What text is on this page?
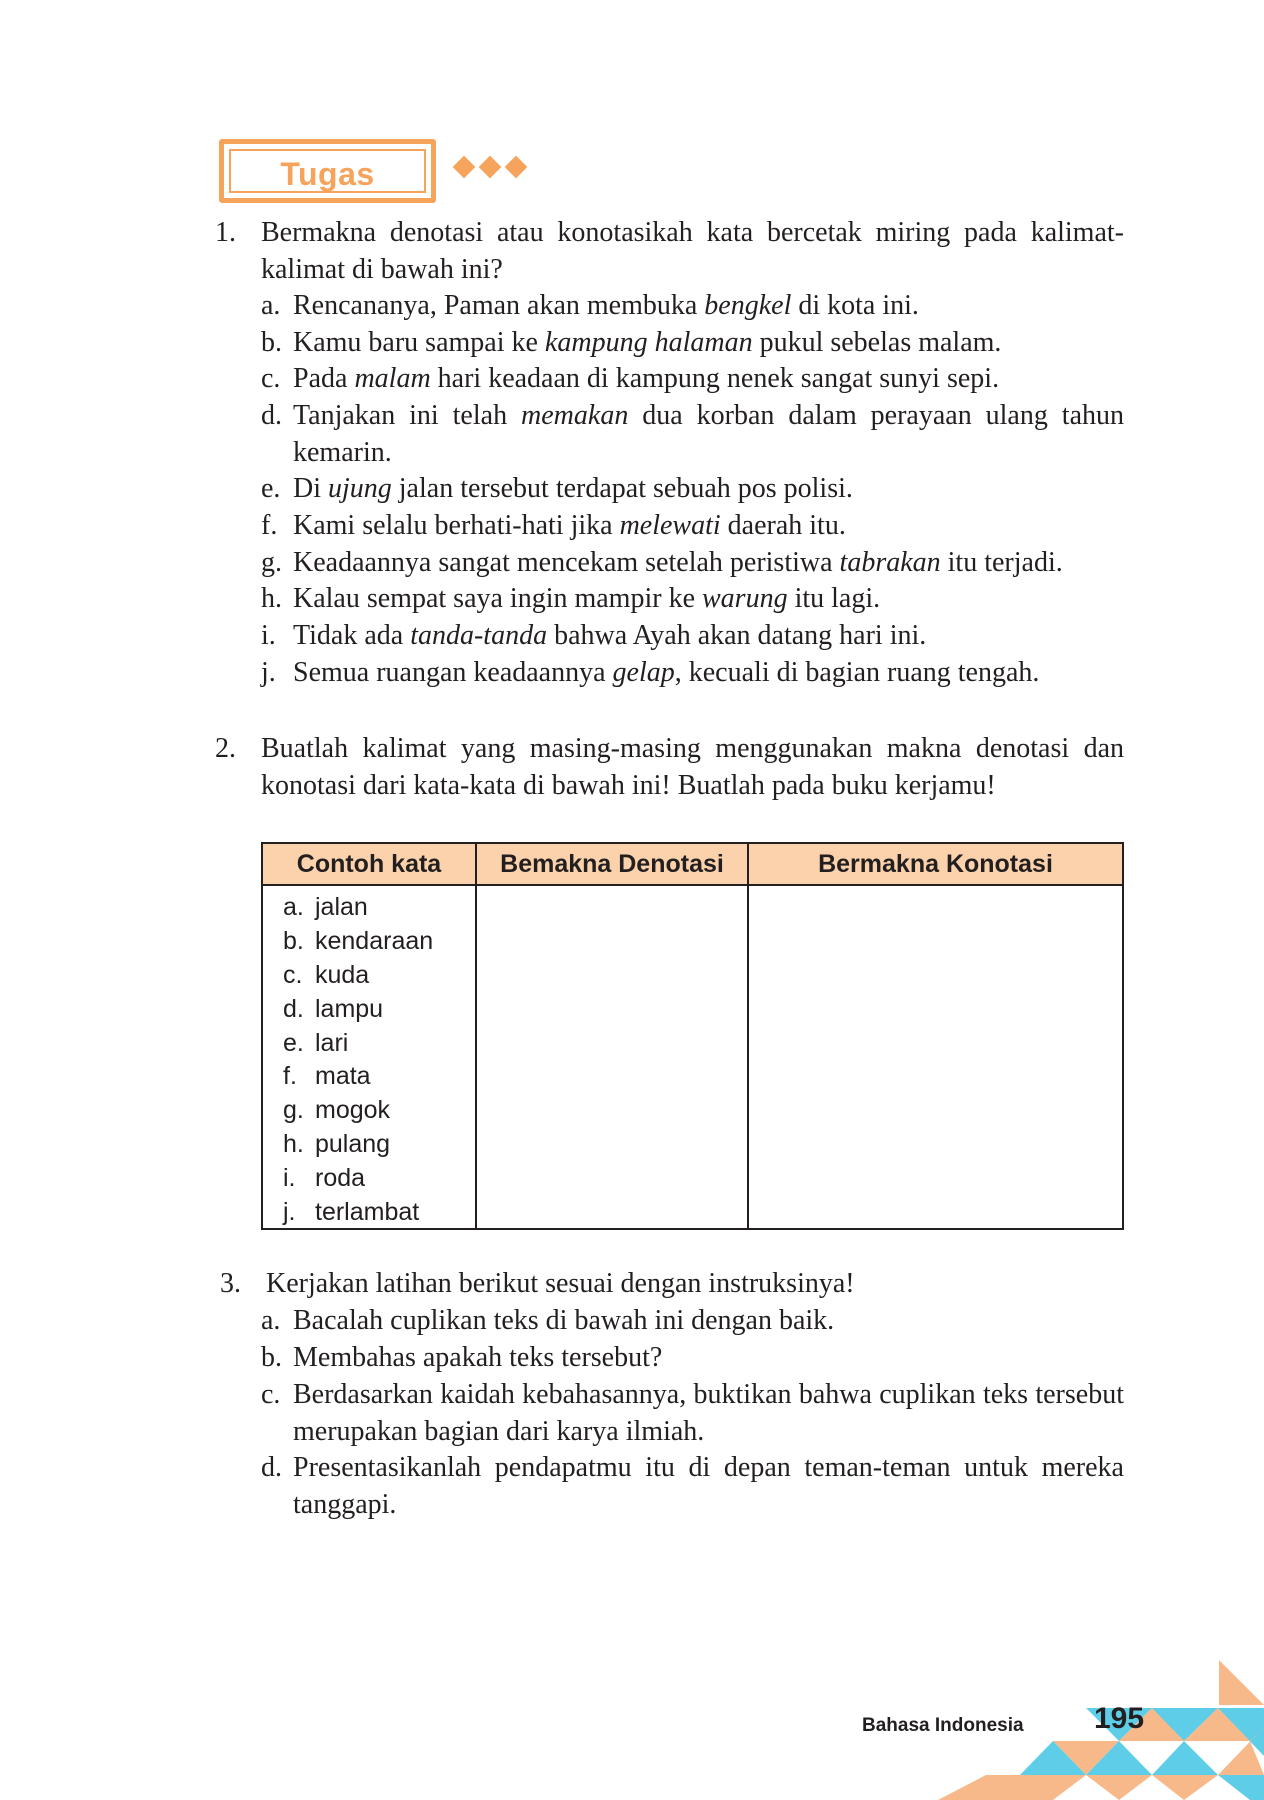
Tugas
1. Bermakna denotasi atau konotasikah kata bercetak miring pada kalimat-kalimat di bawah ini?
a. Rencananya, Paman akan membuka bengkel di kota ini.
b. Kamu baru sampai ke kampung halaman pukul sebelas malam.
c. Pada malam hari keadaan di kampung nenek sangat sunyi sepi.
d. Tanjakan ini telah memakan dua korban dalam perayaan ulang tahun kemarin.
e. Di ujung jalan tersebut terdapat sebuah pos polisi.
f. Kami selalu berhati-hati jika melewati daerah itu.
g. Keadaannya sangat mencekam setelah peristiwa tabrakan itu terjadi.
h. Kalau sempat saya ingin mampir ke warung itu lagi.
i. Tidak ada tanda-tanda bahwa Ayah akan datang hari ini.
j. Semua ruangan keadaannya gelap, kecuali di bagian ruang tengah.
2. Buatlah kalimat yang masing-masing menggunakan makna denotasi dan konotasi dari kata-kata di bawah ini! Buatlah pada buku kerjamu!
Contoh kata	Bemakna Denotasi	Bermakna Konotasi
a. jalan
b. kendaraan
c. kuda
d. lampu
e. lari
f. mata
g. mogok
h. pulang
i. roda
j. terlambat
3. Kerjakan latihan berikut sesuai dengan instruksinya!
a. Bacalah cuplikan teks di bawah ini dengan baik.
b. Membahas apakah teks tersebut?
c. Berdasarkan kaidah kebahasannya, buktikan bahwa cuplikan teks tersebut merupakan bagian dari karya ilmiah.
d. Presentasikanlah pendapatmu itu di depan teman-teman untuk mereka tanggapi.
Bahasa Indonesia 195
